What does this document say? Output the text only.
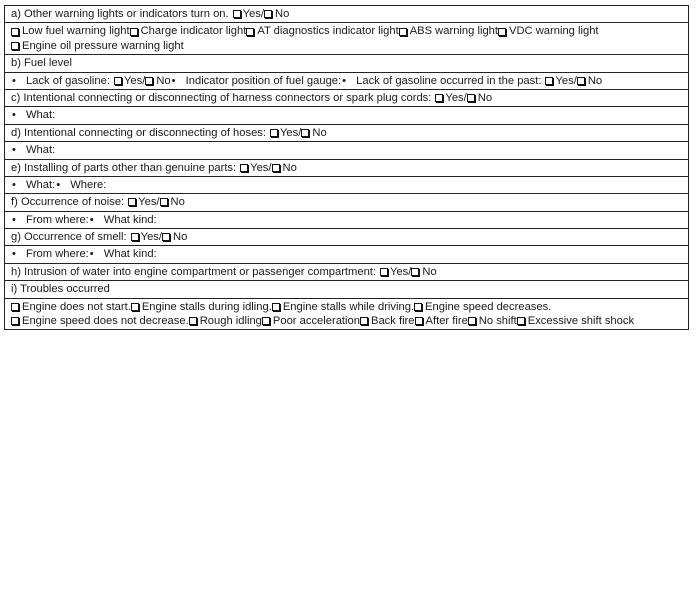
a) Other warning lights or indicators turn on. Yes/ No
Low fuel warning light Charge indicator light AT diagnostics indicator light ABS warning light VDC warning light
Engine oil pressure warning light
b) Fuel level
• Lack of gasoline: Yes/ No • Indicator position of fuel gauge: • Lack of gasoline occurred in the past: Yes/ No
c) Intentional connecting or disconnecting of harness connectors or spark plug cords: Yes/ No
• What:
d) Intentional connecting or disconnecting of hoses: Yes/ No
• What:
e) Installing of parts other than genuine parts: Yes/ No
• What: • Where:
f) Occurrence of noise: Yes/ No
• From where: • What kind:
g) Occurrence of smell: Yes/ No
• From where: • What kind:
h) Intrusion of water into engine compartment or passenger compartment: Yes/ No
i) Troubles occurred
Engine does not start. Engine stalls during idling. Engine stalls while driving. Engine speed decreases.
Engine speed does not decrease. Rough idling Poor acceleration Back fire After fire No shift Excessive shift shock
